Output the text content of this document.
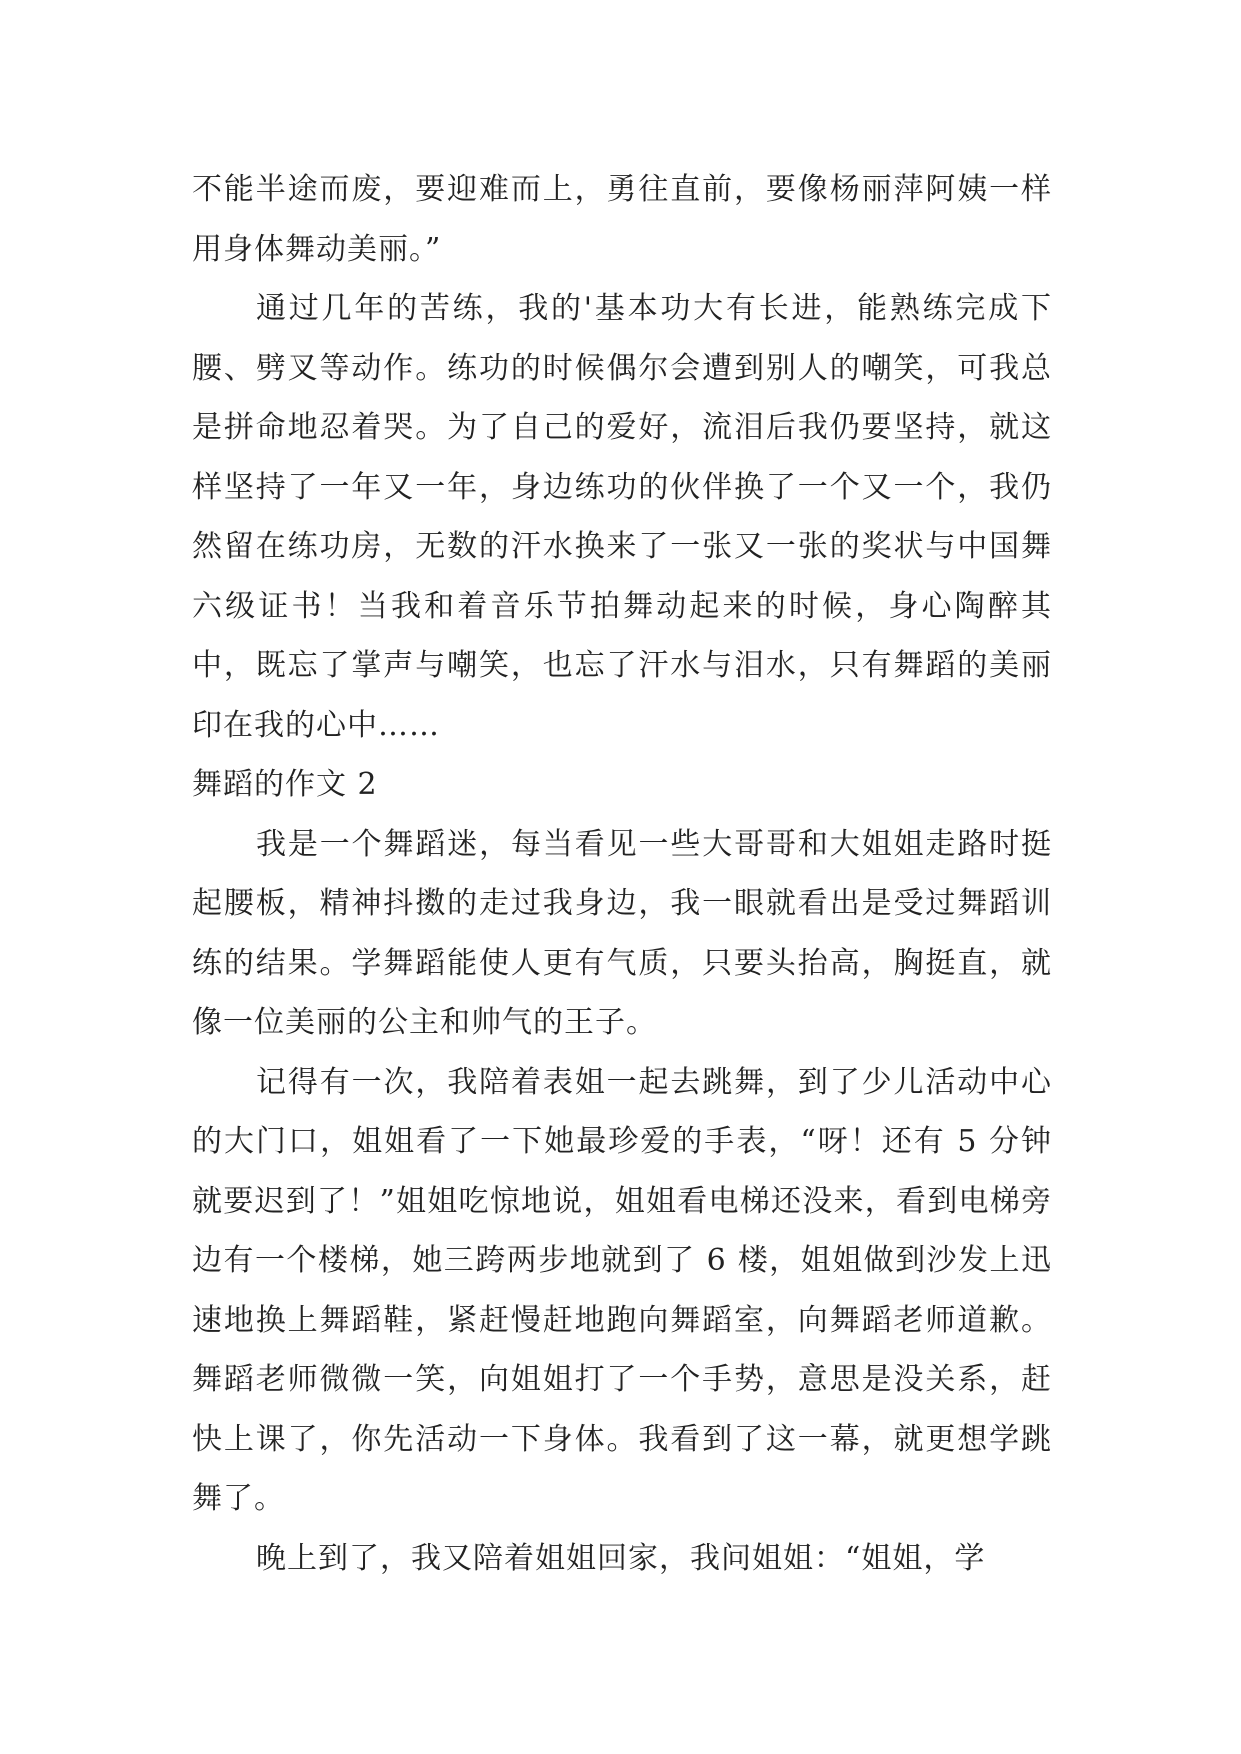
不能半途而废，要迎难而上，勇往直前，要像杨丽萍阿姨一样用身体舞动美丽。”

通过几年的苦练，我的'基本功大有长进，能熟练完成下腰、劈叉等动作。练功的时候偶尔会遭到别人的嘲笑，可我总是拼命地忍着哭。为了自己的爱好，流泪后我仍要坚持，就这样坚持了一年又一年，身边练功的伙伴换了一个又一个，我仍然留在练功房，无数的汗水换来了一张又一张的奖状与中国舞六级证书！当我和着音乐节拍舞动起来的时候，身心陶醉其中，既忘了掌声与嘲笑，也忘了汗水与泪水，只有舞蹈的美丽印在我的心中……

舞蹈的作文 2

我是一个舞蹈迷，每当看见一些大哥哥和大姐姐走路时挺起腰板，精神抖擞的走过我身边，我一眼就看出是受过舞蹈训练的结果。学舞蹈能使人更有气质，只要头抬高，胸挺直，就像一位美丽的公主和帅气的王子。

记得有一次，我陪着表姐一起去跳舞，到了少儿活动中心的大门口，姐姐看了一下她最珍爱的手表，“呀！还有 5 分钟就要迟到了！”姐姐吃惊地说，姐姐看电梯还没来，看到电梯旁边有一个楼梯，她三跨两步地就到了 6 楼，姐姐做到沙发上迅速地换上舞蹈鞋，紧赶慢赶地跑向舞蹈室，向舞蹈老师道歉。舞蹈老师微微一笑，向姐姐打了一个手势，意思是没关系，赶快上课了，你先活动一下身体。我看到了这一幕，就更想学跳舞了。

晚上到了，我又陪着姐姐回家，我问姐姐：“姐姐，学
